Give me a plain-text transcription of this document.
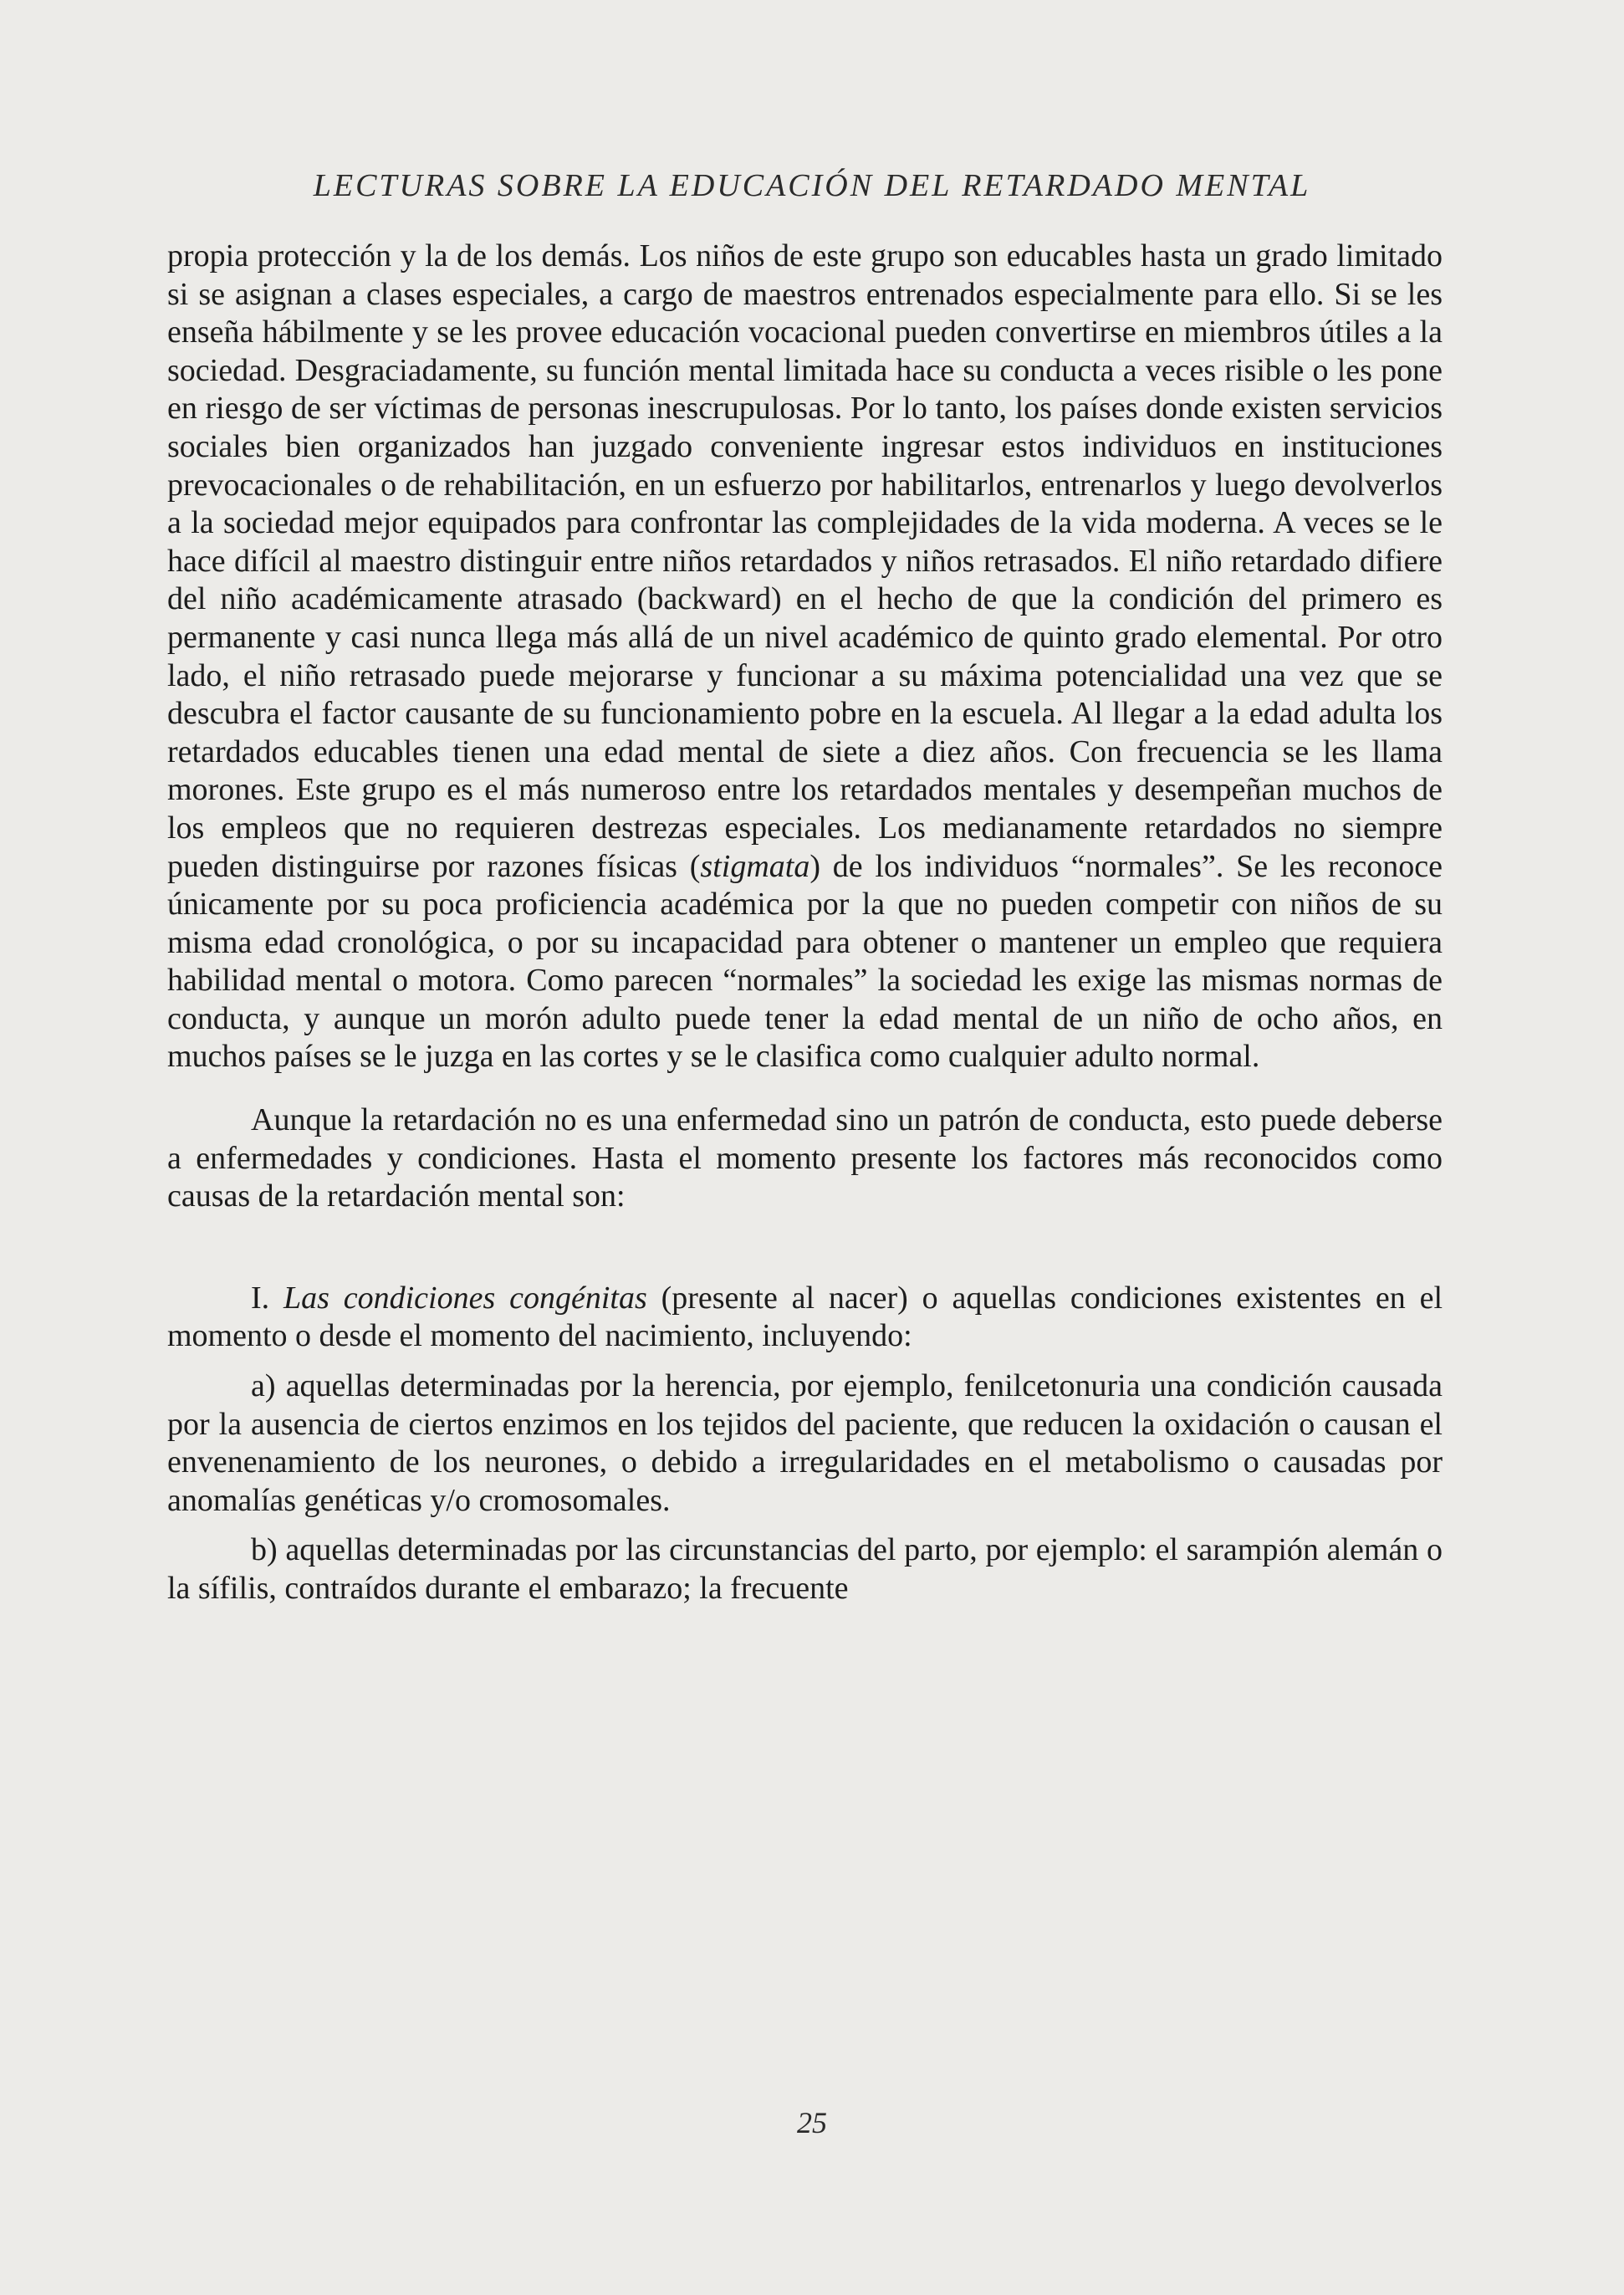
LECTURAS SOBRE LA EDUCACIÓN DEL RETARDADO MENTAL

propia protección y la de los demás. Los niños de este grupo son educables hasta un grado limitado si se asignan a clases especiales, a cargo de maestros entrenados especialmente para ello. Si se les enseña hábilmente y se les provee educación vocacional pueden convertirse en miembros útiles a la sociedad. Desgraciadamente, su función mental limitada hace su conducta a veces risible o les pone en riesgo de ser víctimas de personas inescrupulosas. Por lo tanto, los países donde existen servicios sociales bien organizados han juzgado conveniente ingresar estos individuos en instituciones prevocacionales o de rehabilitación, en un esfuerzo por habilitarlos, entrenarlos y luego devolverlos a la sociedad mejor equipados para confrontar las complejidades de la vida moderna. A veces se le hace difícil al maestro distinguir entre niños retardados y niños retrasados. El niño retardado difiere del niño académicamente atrasado (backward) en el hecho de que la condición del primero es permanente y casi nunca llega más allá de un nivel académico de quinto grado elemental. Por otro lado, el niño retrasado puede mejorarse y funcionar a su máxima potencialidad una vez que se descubra el factor causante de su funcionamiento pobre en la escuela. Al llegar a la edad adulta los retardados educables tienen una edad mental de siete a diez años. Con frecuencia se les llama morones. Este grupo es el más numeroso entre los retardados mentales y desempeñan muchos de los empleos que no requieren destrezas especiales. Los medianamente retardados no siempre pueden distinguirse por razones físicas (stigmata) de los individuos “normales”. Se les reconoce únicamente por su poca proficiencia académica por la que no pueden competir con niños de su misma edad cronológica, o por su incapacidad para obtener o mantener un empleo que requiera habilidad mental o motora. Como parecen “normales” la sociedad les exige las mismas normas de conducta, y aunque un morón adulto puede tener la edad mental de un niño de ocho años, en muchos países se le juzga en las cortes y se le clasifica como cualquier adulto normal.

Aunque la retardación no es una enfermedad sino un patrón de conducta, esto puede deberse a enfermedades y condiciones. Hasta el momento presente los factores más reconocidos como causas de la retardación mental son:

I. Las condiciones congénitas (presente al nacer) o aquellas condiciones existentes en el momento o desde el momento del nacimiento, incluyendo:

a) aquellas determinadas por la herencia, por ejemplo, fenilcetonuria una condición causada por la ausencia de ciertos enzimos en los tejidos del paciente, que reducen la oxidación o causan el envenenamiento de los neurones, o debido a irregularidades en el metabolismo o causadas por anomalías genéticas y/o cromosomales.

b) aquellas determinadas por las circunstancias del parto, por ejemplo: el sarampión alemán o la sífilis, contraídos durante el embarazo; la frecuente

25
